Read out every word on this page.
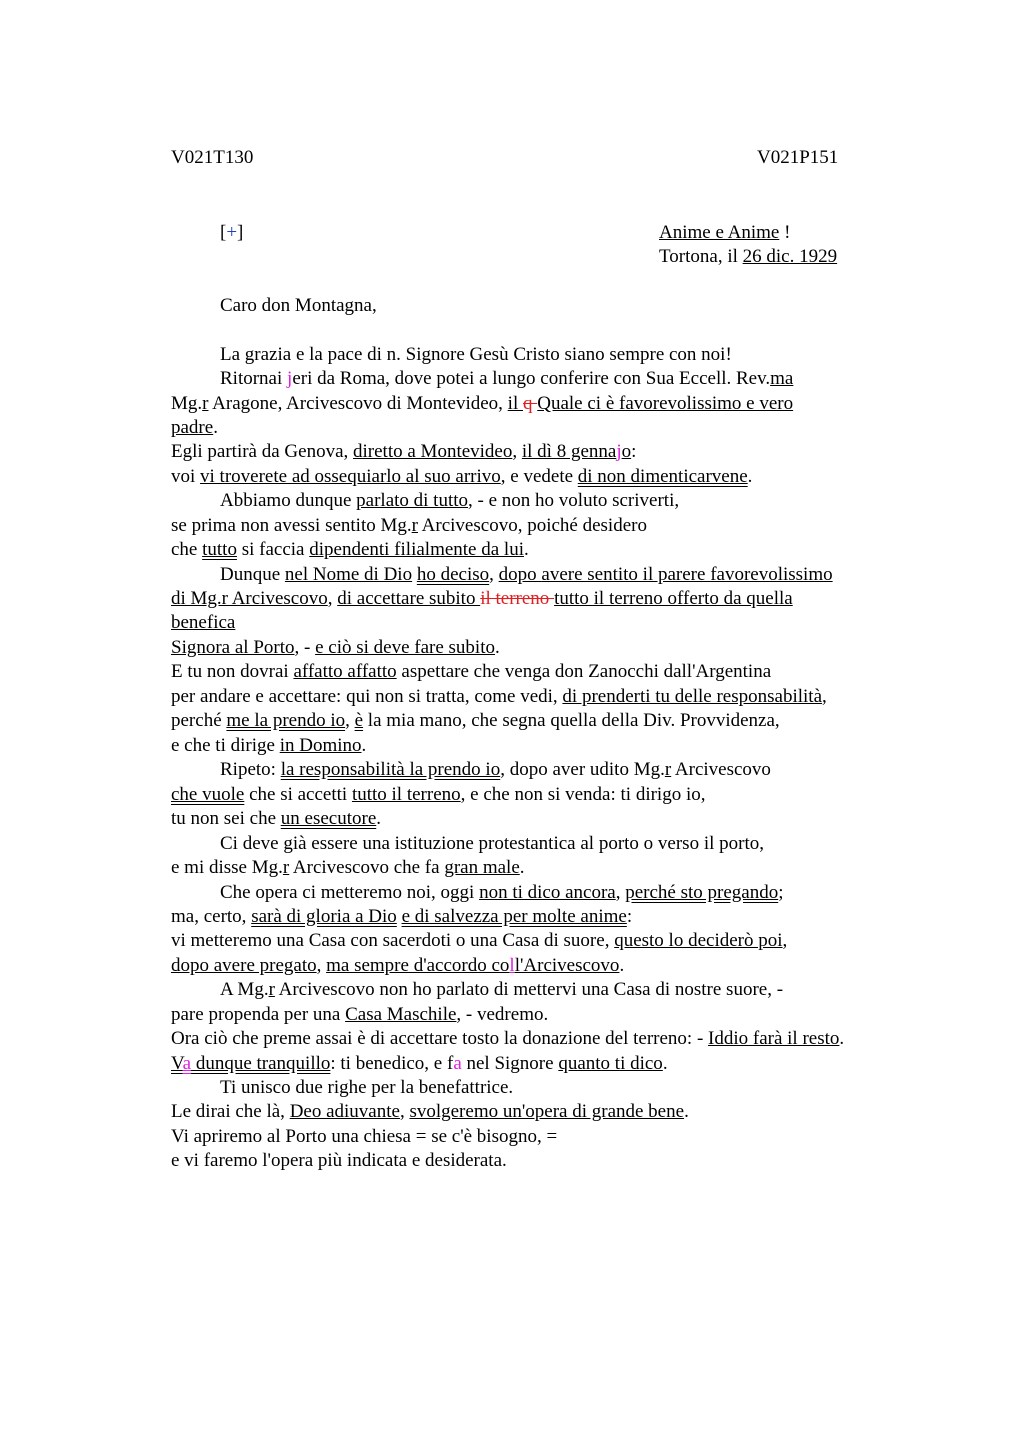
V021T130	V021P151
[+]	Anime e Anime !
Tortona, il 26 dic. 1929
Caro don Montagna,
La grazia e la pace di n. Signore Gesù Cristo siano sempre con noi!
Ritornai jeri da Roma, dove potei a lungo conferire con Sua Eccell. Rev.ma
Mg.r Aragone, Arcivescovo di Montevideo, il q Quale ci è favorevolissimo e vero
padre.
Egli partirà da Genova, diretto a Montevideo, il dì 8 gennajo:
voi vi troverete ad ossequiarlo al suo arrivo, e vedete di non dimenticarvene.
Abbiamo dunque parlato di tutto, - e non ho voluto scriverti,
se prima non avessi sentito Mg.r Arcivescovo, poiché desidero
che tutto si faccia dipendenti filialmente da lui.
Dunque nel Nome di Dio ho deciso, dopo avere sentito il parere favorevolissimo
di Mg.r Arcivescovo, di accettare subito il terreno tutto il terreno offerto da quella
benefica
Signora al Porto, - e ciò si deve fare subito.
E tu non dovrai affatto affatto aspettare che venga don Zanocchi dall'Argentina
per andare e accettare: qui non si tratta, come vedi, di prenderti tu delle responsabilità,
perché me la prendo io, è la mia mano, che segna quella della Div. Provvidenza,
e che ti dirige in Domino.
Ripeto: la responsabilità la prendo io, dopo aver udito Mg.r Arcivescovo
che vuole che si accetti tutto il terreno, e che non si venda: ti dirigo io,
tu non sei che un esecutore.
Ci deve già essere una istituzione protestantica al porto o verso il porto,
e mi disse Mg.r Arcivescovo che fa gran male.
Che opera ci metteremo noi, oggi non ti dico ancora, perché sto pregando;
ma, certo, sarà di gloria a Dio e di salvezza per molte anime:
vi metteremo una Casa con sacerdoti o una Casa di suore, questo lo deciderò poi,
dopo avere pregato, ma sempre d'accordo coll'Arcivescovo.
A Mg.r Arcivescovo non ho parlato di mettervi una Casa di nostre suore, -
pare propenda per una Casa Maschile, - vedremo.
Ora ciò che preme assai è di accettare tosto la donazione del terreno: - Iddio farà il resto.
Va dunque tranquillo: ti benedico, e fa nel Signore quanto ti dico.
Ti unisco due righe per la benefattrice.
Le dirai che là, Deo adiuvante, svolgeremo un'opera di grande bene.
Vi apriremo al Porto una chiesa = se c'è bisogno, =
e vi faremo l'opera più indicata e desiderata.
